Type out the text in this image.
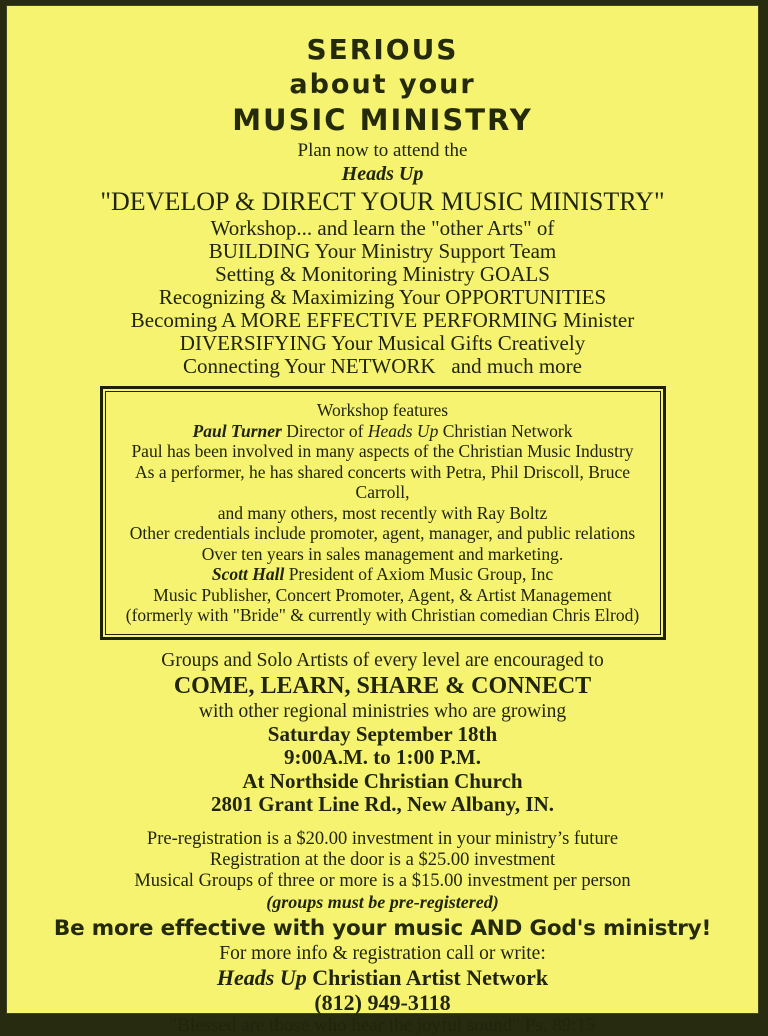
SERIOUS
about your
MUSIC MINISTRY
Plan now to attend the
Heads Up
"DEVELOP & DIRECT YOUR MUSIC MINISTRY"
Workshop... and learn the "other Arts" of
BUILDING Your Ministry Support Team
Setting & Monitoring Ministry GOALS
Recognizing & Maximizing Your OPPORTUNITIES
Becoming A MORE EFFECTIVE PERFORMING Minister
DIVERSIFYING Your Musical Gifts Creatively
Connecting Your NETWORK   and much more
Workshop features
Paul Turner Director of Heads Up Christian Network
Paul has been involved in many aspects of the Christian Music Industry
As a performer, he has shared concerts with Petra, Phil Driscoll, Bruce Carroll,
and many others, most recently with Ray Boltz
Other credentials include promoter, agent, manager, and public relations
Over ten years in sales management and marketing.
Scott Hall President of Axiom Music Group, Inc
Music Publisher, Concert Promoter, Agent, & Artist Management
(formerly with "Bride" & currently with Christian comedian Chris Elrod)
Groups and Solo Artists of every level are encouraged to
COME, LEARN, SHARE & CONNECT
with other regional ministries who are growing
Saturday September 18th
9:00A.M. to 1:00 P.M.
At Northside Christian Church
2801 Grant Line Rd., New Albany, IN.
Pre-registration is a $20.00 investment in your ministry’s future
Registration at the door is a $25.00 investment
Musical Groups of three or more is a $15.00 investment per person
(groups must be pre-registered)
Be more effective with your music AND God's ministry!
For more info & registration call or write:
Heads Up Christian Artist Network
(812) 949-3118
"Blessed are those who hear the joyful sound" Ps. 89:15
